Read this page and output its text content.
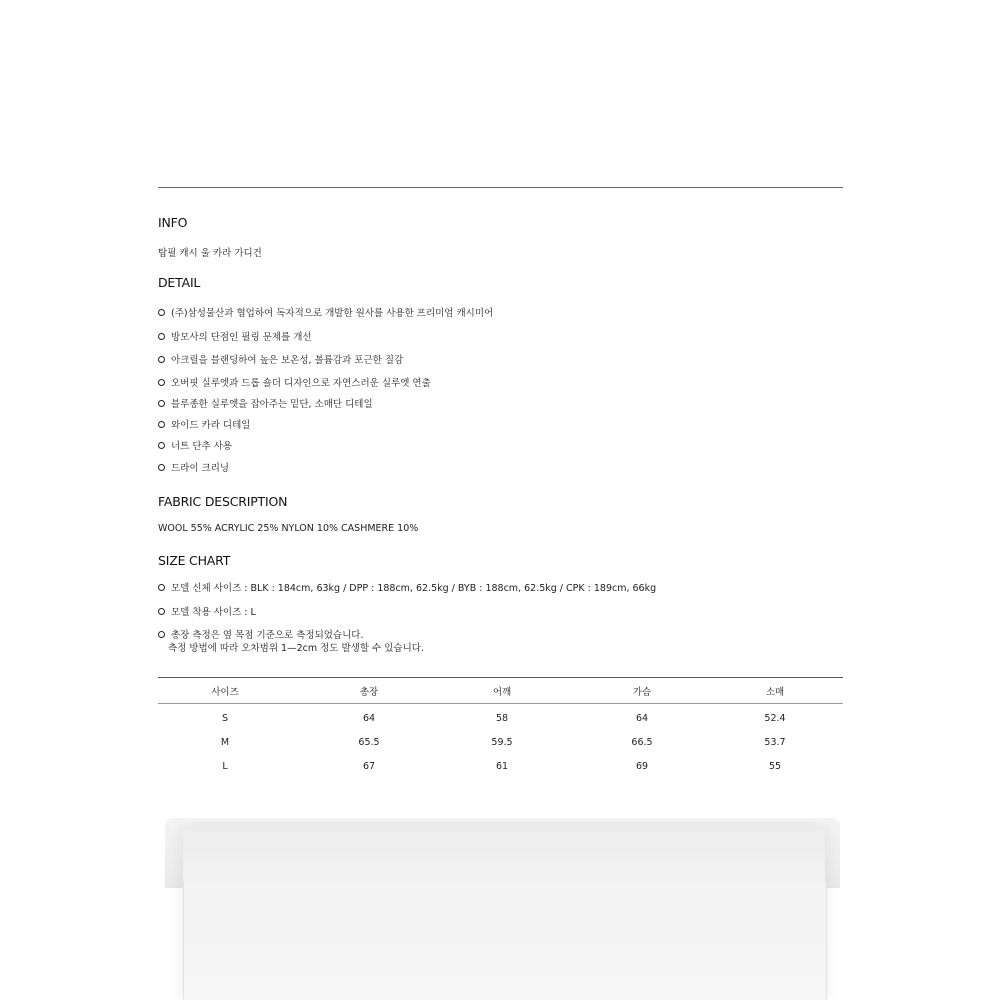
INFO
탑필 캐시 울 카라 가디건
DETAIL
(주)삼성물산과 협업하여 독자적으로 개발한 원사를 사용한 프리미엄 캐시미어
방모사의 단점인 필링 문제를 개선
아크릴을 블랜딩하여 높은 보온성, 볼륨감과 포근한 질감
오버핏 실루엣과 드롭 숄더 디자인으로 자연스러운 실루엣 연출
블루종한 실루엣을 잡아주는 밑단, 소매단 디테일
와이드 카라 디테일
너트 단추 사용
드라이 크리닝
FABRIC DESCRIPTION
WOOL 55% ACRYLIC 25% NYLON 10% CASHMERE 10%
SIZE CHART
모델 신체 사이즈 : BLK : 184cm, 63kg / DPP : 188cm, 62.5kg / BYB : 188cm, 62.5kg / CPK : 189cm, 66kg
모델 착용 사이즈 : L
총장 측정은 옆 목점 기준으로 측정되었습니다.
측정 방법에 따라 오차범위 1—2cm 정도 발생할 수 있습니다.
사이즈	총장	어깨	가슴	소매
S	64	58	64	52.4
M	65.5	59.5	66.5	53.7
L	67	61	69	55
